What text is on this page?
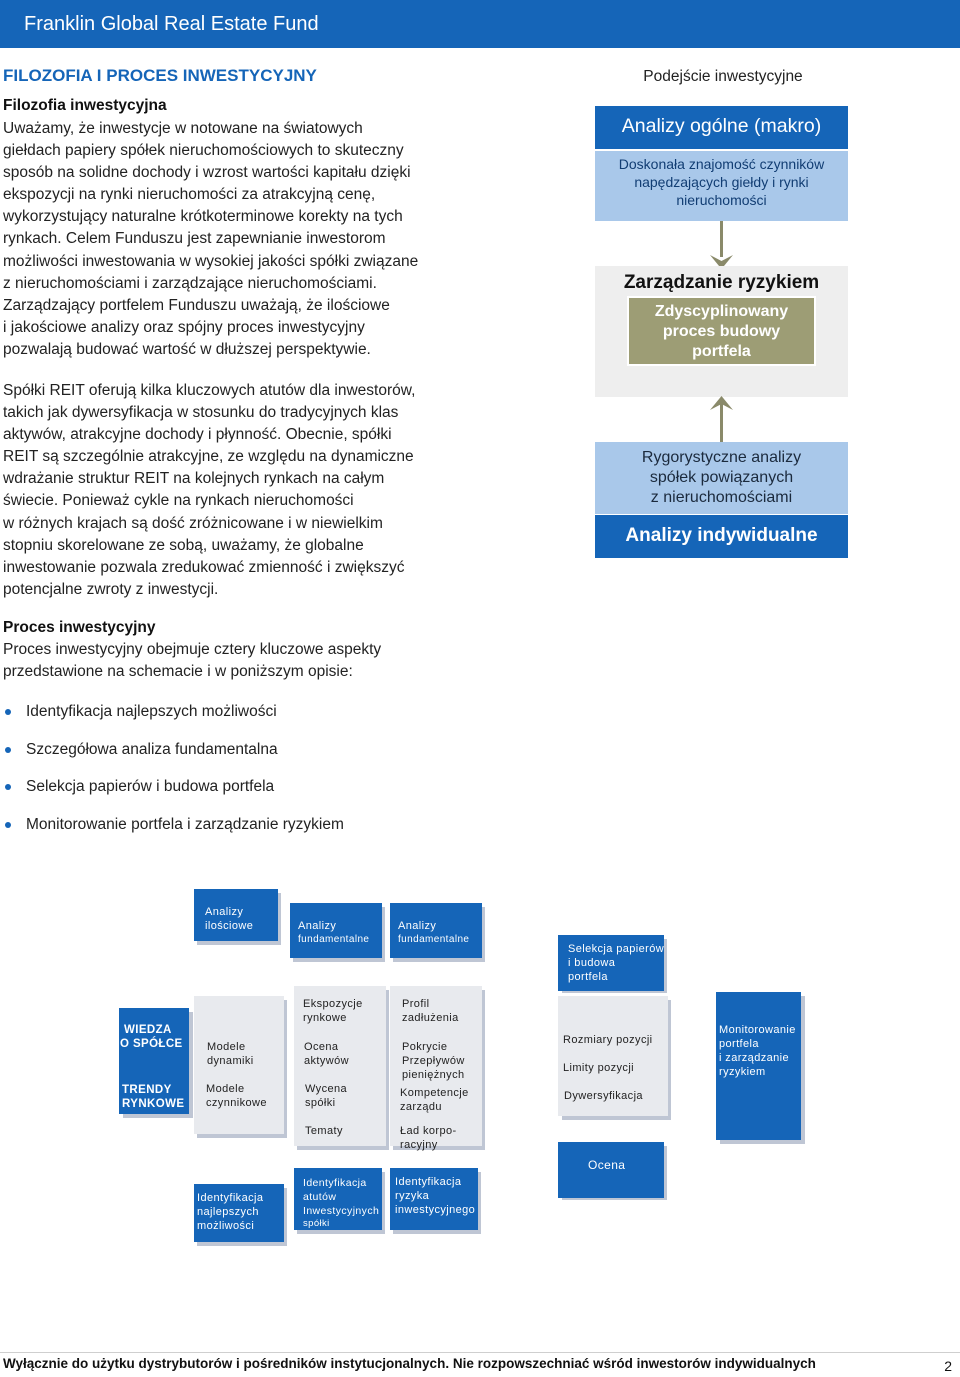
Franklin Global Real Estate Fund
FILOZOFIA I PROCES INWESTYCYJNY
Filozofia inwestycyjna
Uważamy, że inwestycje w notowane na światowych
giełdach papiery spółek nieruchomościowych to skuteczny
sposób na solidne dochody i wzrost wartości kapitału dzięki
ekspozycji na rynki nieruchomości za atrakcyjną cenę,
wykorzystujący naturalne krótkoterminowe korekty na tych
rynkach. Celem Funduszu jest zapewnianie inwestorom
możliwości inwestowania w wysokiej jakości spółki związane
z nieruchomościami i zarządzające nieruchomościami.
Zarządzający portfelem Funduszu uważają, że ilościowe
i jakościowe analizy oraz spójny proces inwestycyjny
pozwalają budować wartość w dłuższej perspektywie.
Spółki REIT oferują kilka kluczowych atutów dla inwestorów,
takich jak dywersyfikacja w stosunku do tradycyjnych klas
aktywów, atrakcyjne dochody i płynność. Obecnie, spółki
REIT są szczególnie atrakcyjne, ze względu na dynamiczne
wdrażanie struktur REIT na kolejnych rynkach na całym
świecie. Ponieważ cykle na rynkach nieruchomości
w różnych krajach są dość zróżnicowane i w niewielkim
stopniu skorelowane ze sobą, uważamy, że globalne
inwestowanie pozwala zredukować zmienność i zwiększyć
potencjalne zwroty z inwestycji.
Proces inwestycyjny
Proces inwestycyjny obejmuje cztery kluczowe aspekty
przedstawione na schemacie i w poniższym opisie:
Identyfikacja najlepszych możliwości
Szczegółowa analiza fundamentalna
Selekcja papierów i budowa portfela
Monitorowanie portfela i zarządzanie ryzykiem
Podejście inwestycyjne
Analizy ogólne (makro)
Doskonała znajomość czynników
napędzających giełdy i rynki
nieruchomości
Zarządzanie ryzykiem
Zdyscyplinowany
proces budowy
portfela
Rygorystyczne analizy
spółek powiązanych
z nieruchomościami
Analizy indywidualne
Analizy
ilościowe	Analizy
fundamentalne
Analizy
fundamentalne
Selekcja papierów
i budowa
portfela
WIEDZA
O SPÓŁCE
TRENDY
RYNKOWE
Modele
dynamiki
Modele
czynnikowe
Ekspozycje
rynkowe
Ocena
aktywów
Wycena
spółki
Tematy
Profil
zadłużenia
Pokrycie
Przepływów
pieniężnych
Kompetencje
zarządu
Ład korpo-
racyjny
Rozmiary pozycji
Limity pozycji
Dywersyfikacja
Monitorowanie
portfela
i zarządzanie
ryzykiem
Ocena
Identyfikacja
najlepszych
możliwości
Identyfikacja
atutów
Inwestycyjnych
spółki
Identyfikacja
ryzyka
inwestycyjnego
Wyłącznie do użytku dystrybutorów i pośredników instytucjonalnych. Nie rozpowszechniać wśród inwestorów indywidualnych	2
